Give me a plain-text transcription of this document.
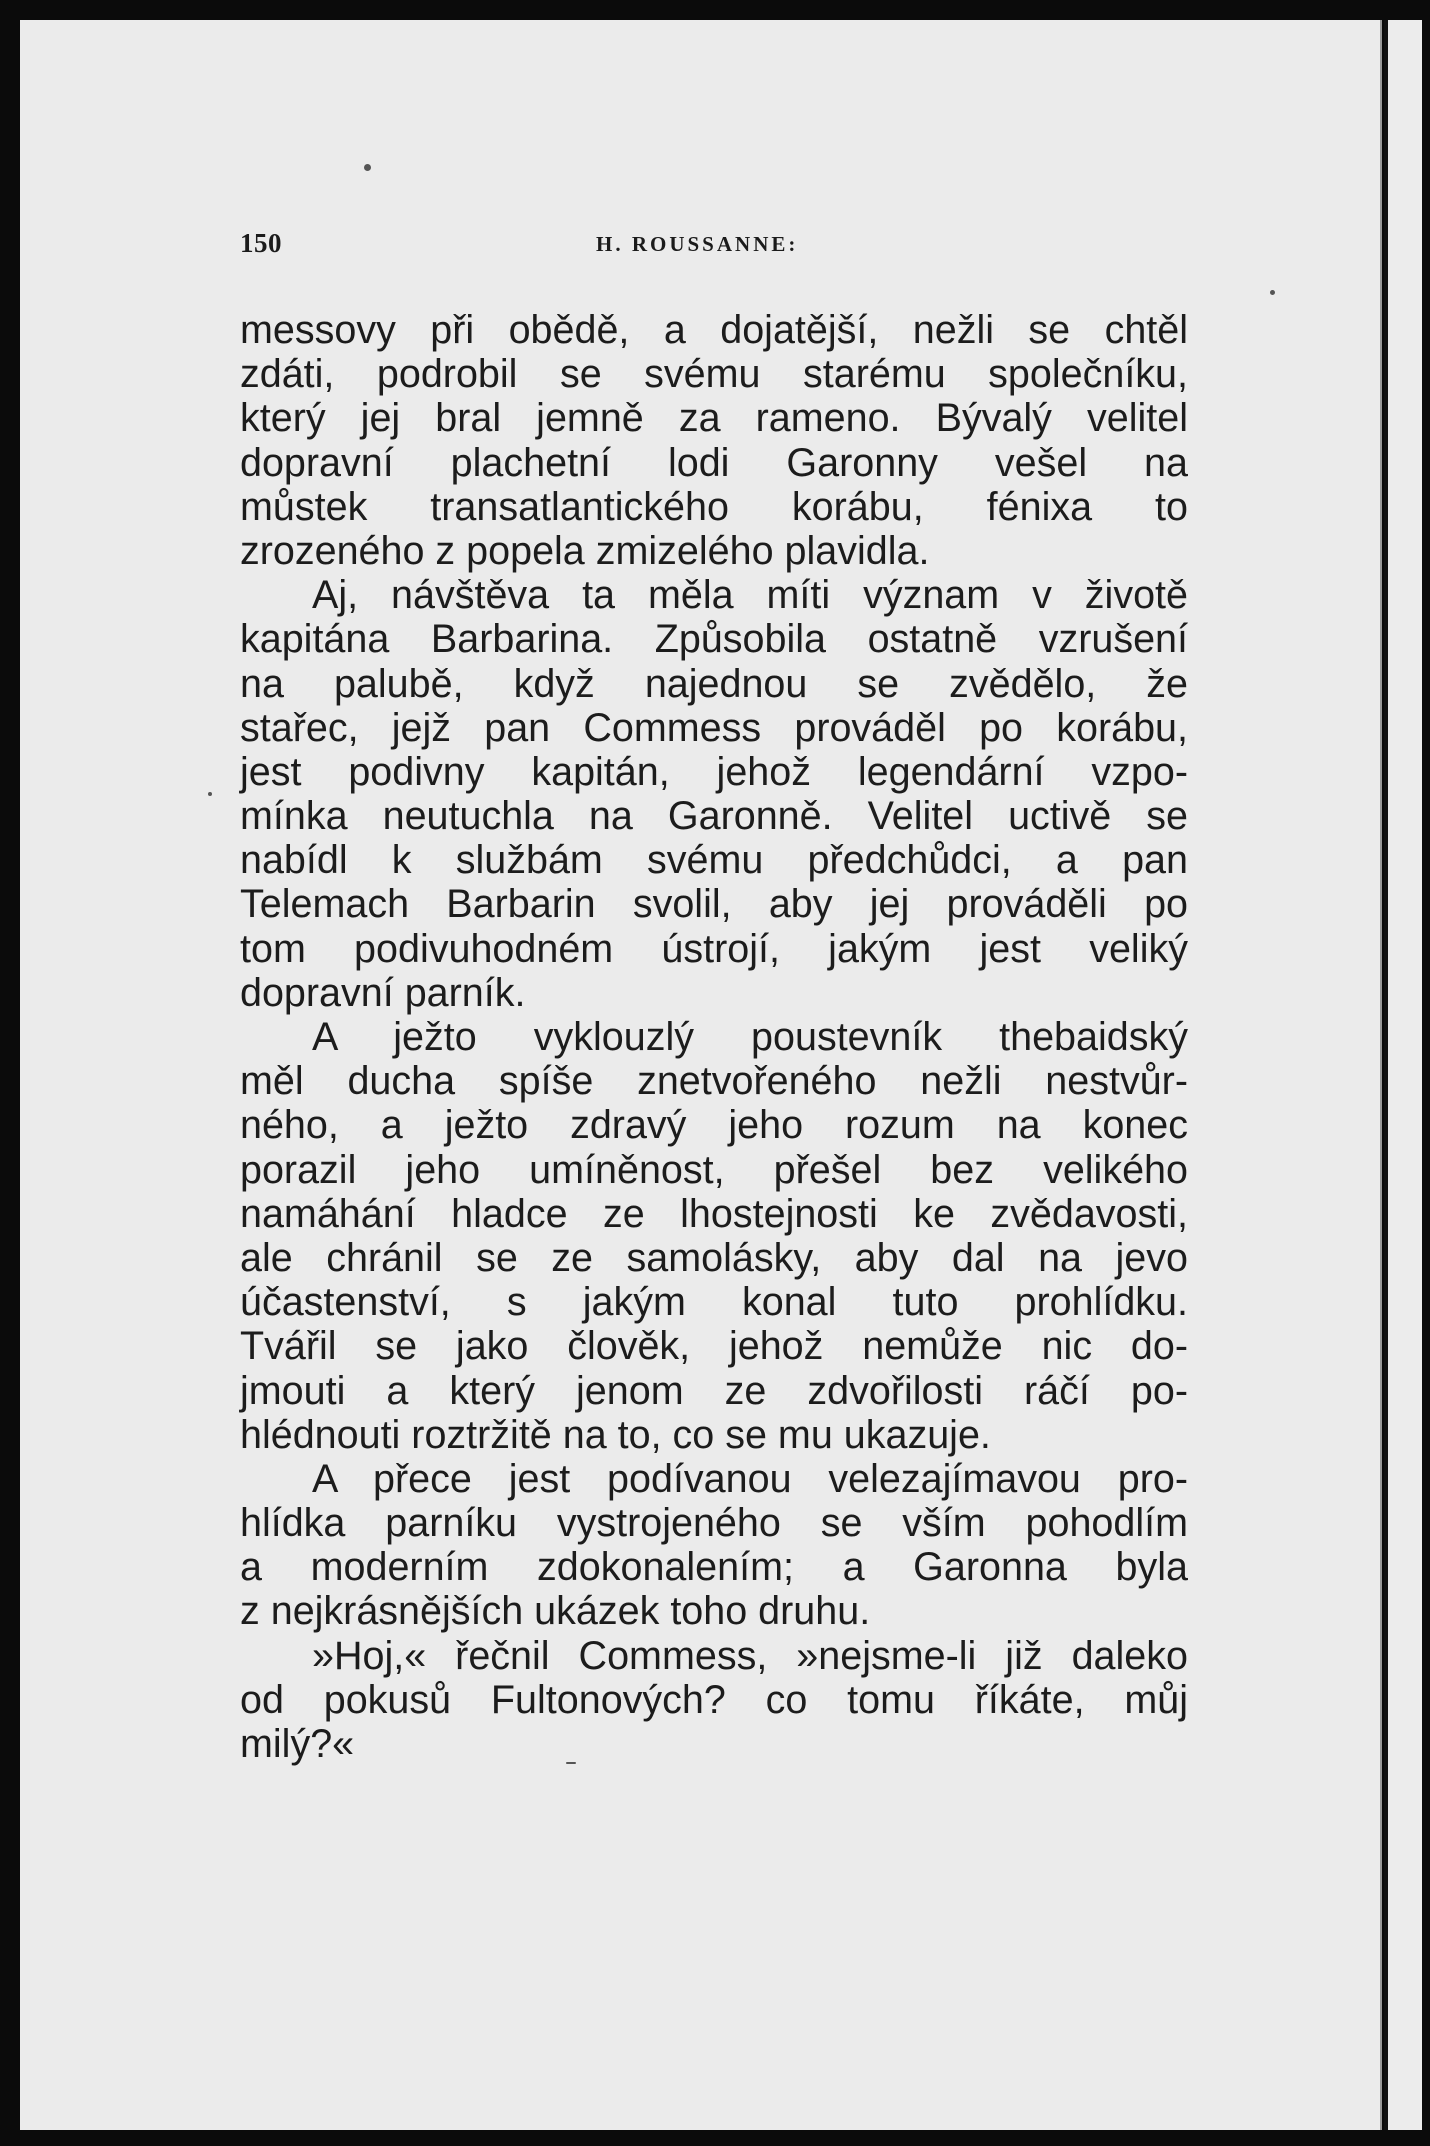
150	H. ROUSSANNE:
messovy při obědě, a dojatější, nežli se chtěl
zdáti, podrobil se svému starému společníku,
který jej bral jemně za rameno. Bývalý velitel
dopravní plachetní lodi Garonny vešel na
můstek transatlantického korábu, fénixa to
zrozeného z popela zmizelého plavidla.
Aj, návštěva ta měla míti význam v životě
kapitána Barbarina. Způsobila ostatně vzrušení
na palubě, když najednou se zvědělo, že
stařec, jejž pan Commess prováděl po korábu,
jest podivny kapitán, jehož legendární vzpo-
mínka neutuchla na Garonně. Velitel uctivě se
nabídl k službám svému předchůdci, a pan
Telemach Barbarin svolil, aby jej prováděli po
tom podivuhodném ústrojí, jakým jest veliký
dopravní parník.
A ježto vyklouzlý poustevník thebaidský
měl ducha spíše znetvořeného nežli nestvůr-
ného, a ježto zdravý jeho rozum na konec
porazil jeho umíněnost, přešel bez velikého
namáhání hladce ze lhostejnosti ke zvědavosti,
ale chránil se ze samolásky, aby dal na jevo
účastenství, s jakým konal tuto prohlídku.
Tvářil se jako člověk, jehož nemůže nic do-
jmouti a který jenom ze zdvořilosti ráčí po-
hlédnouti roztržitě na to, co se mu ukazuje.
A přece jest podívanou velezajímavou pro-
hlídka parníku vystrojeného se vším pohodlím
a moderním zdokonalením; a Garonna byla
z nejkrásnějších ukázek toho druhu.
»Hoj,« řečnil Commess, »nejsme-li již daleko
od pokusů Fultonových? co tomu říkáte, můj
milý?«
